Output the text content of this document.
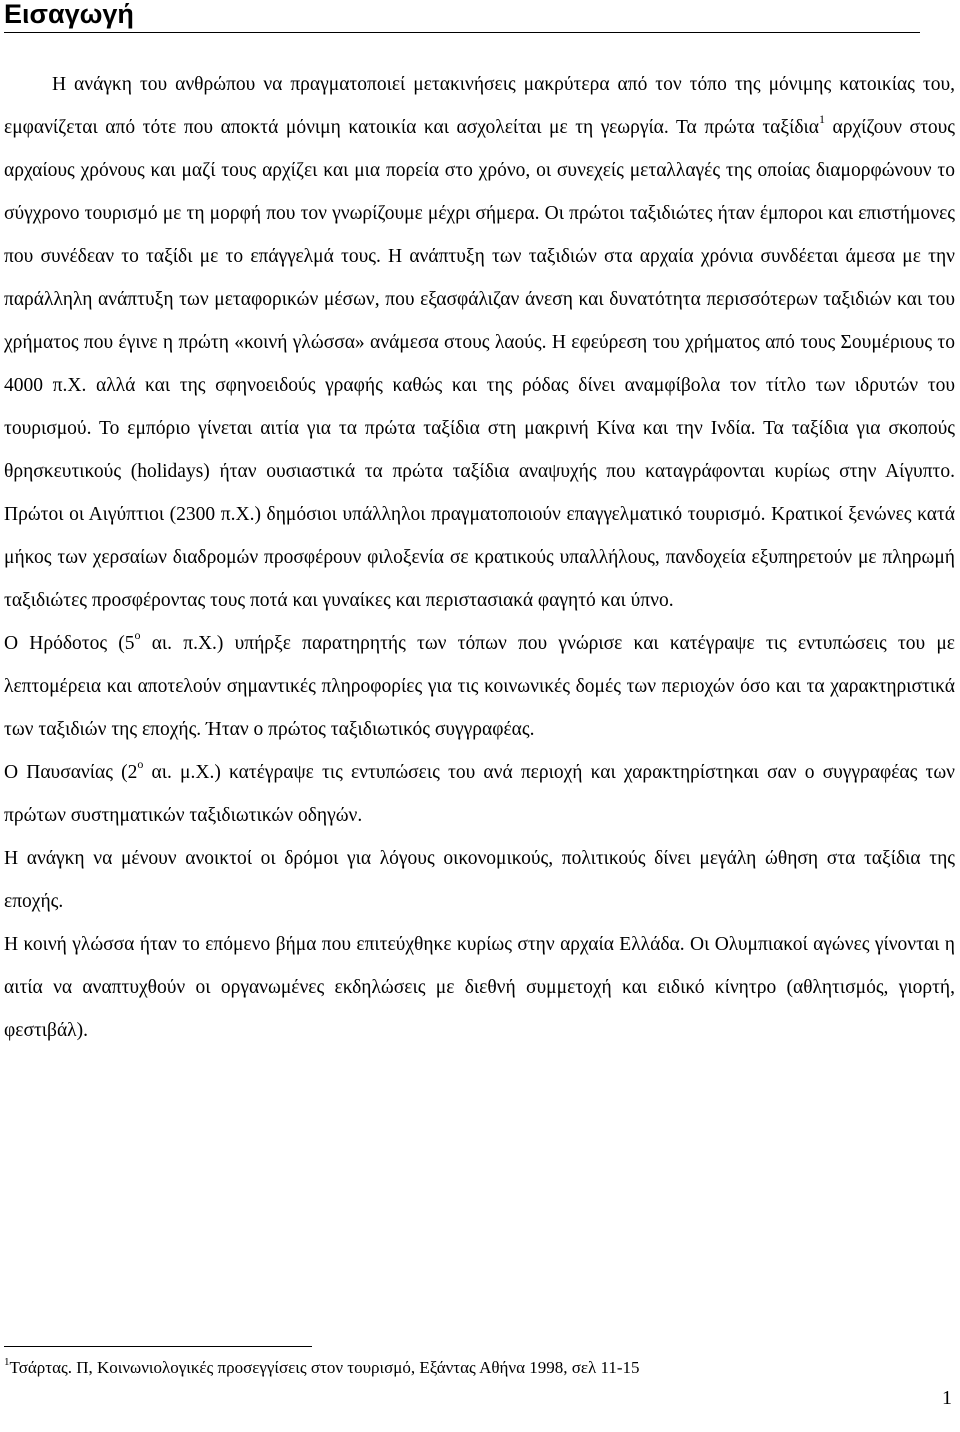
Εισαγωγή

Η ανάγκη του ανθρώπου να πραγματοποιεί μετακινήσεις μακρύτερα από τον τόπο της μόνιμης κατοικίας του, εμφανίζεται από τότε που αποκτά μόνιμη κατοικία και ασχολείται με τη γεωργία. Τα πρώτα ταξίδια$^1$ αρχίζουν στους αρχαίους χρόνους και μαζί τους αρχίζει και μια πορεία στο χρόνο, οι συνεχείς μεταλλαγές της οποίας διαμορφώνουν το σύγχρονο τουρισμό με τη μορφή που τον γνωρίζουμε μέχρι σήμερα. Οι πρώτοι ταξιδιώτες ήταν έμποροι και επιστήμονες που συνέδεαν το ταξίδι με το επάγγελμά τους. Η ανάπτυξη των ταξιδιών στα αρχαία χρόνια συνδέεται άμεσα με την παράλληλη ανάπτυξη των μεταφορικών μέσων, που εξασφάλιζαν άνεση και δυνατότητα περισσότερων ταξιδιών και του χρήματος που έγινε η πρώτη «κοινή γλώσσα» ανάμεσα στους λαούς. Η εφεύρεση του χρήματος από τους Σουμέριους το 4000 π.Χ. αλλά και της σφηνοειδούς γραφής καθώς και της ρόδας δίνει αναμφίβολα τον τίτλο των ιδρυτών του τουρισμού. Το εμπόριο γίνεται αιτία για τα πρώτα ταξίδια στη μακρινή Κίνα και την Ινδία. Τα ταξίδια για σκοπούς θρησκευτικούς (holidays) ήταν ουσιαστικά τα πρώτα ταξίδια αναψυχής που καταγράφονται κυρίως στην Αίγυπτο. Πρώτοι οι Αιγύπτιοι (2300 π.Χ.) δημόσιοι υπάλληλοι πραγματοποιούν επαγγελματικό τουρισμό. Κρατικοί ξενώνες κατά μήκος των χερσαίων διαδρομών προσφέρουν φιλοξενία σε κρατικούς υπαλλήλους, πανδοχεία εξυπηρετούν με πληρωμή ταξιδιώτες προσφέροντας τους ποτά και γυναίκες και περιστασιακά φαγητό και ύπνο.

Ο Ηρόδοτος ($5^o$ αι. π.Χ.) υπήρξε παρατηρητής των τόπων που γνώρισε και κατέγραψε τις εντυπώσεις του με λεπτομέρεια και αποτελούν σημαντικές πληροφορίες για τις κοινωνικές δομές των περιοχών όσο και τα χαρακτηριστικά των ταξιδιών της εποχής. Ήταν ο πρώτος ταξιδιωτικός συγγραφέας.

Ο Παυσανίας ($2^o$ αι. μ.Χ.) κατέγραψε τις εντυπώσεις του ανά περιοχή και χαρακτηρίστηκαι σαν ο συγγραφέας των πρώτων συστηματικών ταξιδιωτικών οδηγών.

Η ανάγκη να μένουν ανοικτοί οι δρόμοι για λόγους οικονομικούς, πολιτικούς δίνει μεγάλη ώθηση στα ταξίδια της εποχής.

Η κοινή γλώσσα ήταν το επόμενο βήμα που επιτεύχθηκε κυρίως στην αρχαία Ελλάδα. Οι Ολυμπιακοί αγώνες γίνονται η αιτία να αναπτυχθούν οι οργανωμένες εκδηλώσεις με διεθνή συμμετοχή και ειδικό κίνητρο (αθλητισμός, γιορτή, φεστιβάλ).

$^1$Τσάρτας. Π, Κοινωνιολογικές προσεγγίσεις στον τουρισμό, Εξάντας Αθήνα 1998, σελ 11-15
1
